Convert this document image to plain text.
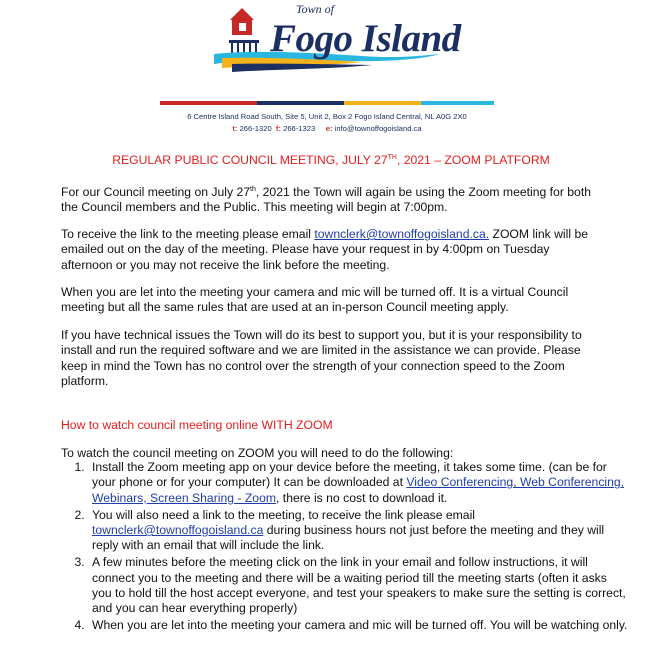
Town of
Fogo Island
6 Centre Island Road South, Site 5, Unit 2, Box 2 Fogo Island Central, NL A0G 2X0
t: 266-1320 f: 266-1323 e: info@townoffogoisland.ca
REGULAR PUBLIC COUNCIL MEETING, JULY 27TH, 2021 – ZOOM PLATFORM

For our Council meeting on July 27th, 2021 the Town will again be using the Zoom meeting for both the Council members and the Public. This meeting will begin at 7:00pm.

To receive the link to the meeting please email townclerk@townoffogoisland.ca. ZOOM link will be emailed out on the day of the meeting. Please have your request in by 4:00pm on Tuesday afternoon or you may not receive the link before the meeting.

When you are let into the meeting your camera and mic will be turned off. It is a virtual Council meeting but all the same rules that are used at an in-person Council meeting apply.

If you have technical issues the Town will do its best to support you, but it is your responsibility to install and run the required software and we are limited in the assistance we can provide. Please keep in mind the Town has no control over the strength of your connection speed to the Zoom platform.

How to watch council meeting online WITH ZOOM

To watch the council meeting on ZOOM you will need to do the following:

1. Install the Zoom meeting app on your device before the meeting, it takes some time. (can be for your phone or for your computer) It can be downloaded at Video Conferencing, Web Conferencing, Webinars, Screen Sharing - Zoom, there is no cost to download it.
2. You will also need a link to the meeting, to receive the link please email townclerk@townoffogoisland.ca during business hours not just before the meeting and they will reply with an email that will include the link.
3. A few minutes before the meeting click on the link in your email and follow instructions, it will connect you to the meeting and there will be a waiting period till the meeting starts (often it asks you to hold till the host accept everyone, and test your speakers to make sure the setting is correct, and you can hear everything properly)
4. When you are let into the meeting your camera and mic will be turned off. You will be watching only.
